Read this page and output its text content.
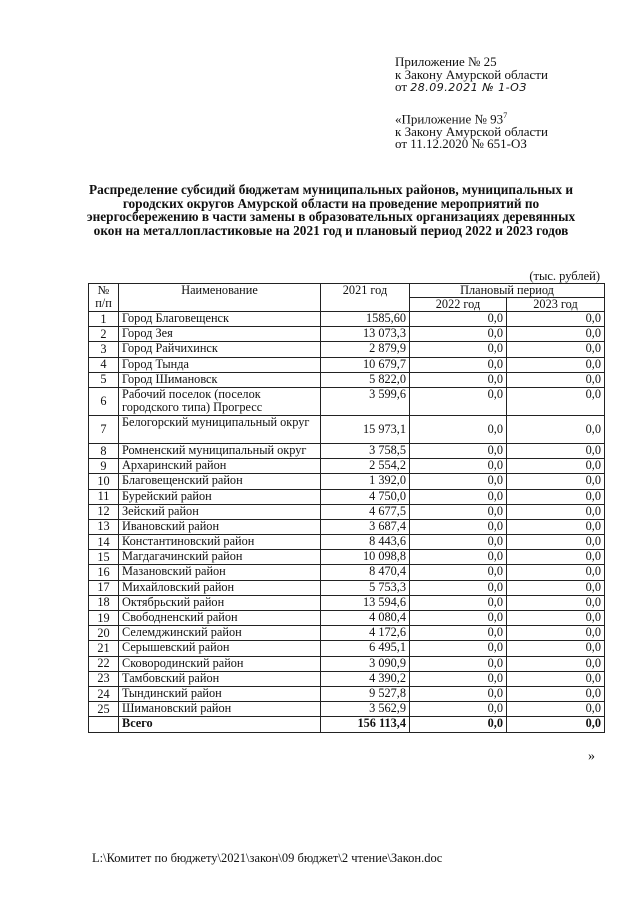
Приложение № 25
к Закону Амурской области
от 28.09.2021 № 1-ОЗ
«Приложение № $93^7$
к Закону Амурской области
от 11.12.2020 № 651-ОЗ
Распределение субсидий бюджетам муниципальных районов, муниципальных и городских округов Амурской области на проведение мероприятий по энергосбережению в части замены в образовательных организациях деревянных окон на металлопластиковые на 2021 год и плановый период 2022 и 2023 годов
(тыс. рублей)
№ п/п	Наименование	2021 год	Плановый период	
			2022 год	2023 год
1	Город Благовещенск	1585,60	0,0	0,0
2	Город Зея	13 073,3	0,0	0,0
3	Город Райчихинск	2 879,9	0,0	0,0
4	Город Тында	10 679,7	0,0	0,0
5	Город Шимановск	5 822,0	0,0	0,0
6	Рабочий поселок (поселок городского типа) Прогресс	3 599,6	0,0	0,0
7	Белогорский муниципальный округ	15 973,1	0,0	0,0
8	Ромненский муниципальный округ	3 758,5	0,0	0,0
9	Архаринский район	2 554,2	0,0	0,0
10	Благовещенский район	1 392,0	0,0	0,0
11	Бурейский район	4 750,0	0,0	0,0
12	Зейский район	4 677,5	0,0	0,0
13	Ивановский район	3 687,4	0,0	0,0
14	Константиновский район	8 443,6	0,0	0,0
15	Магдагачинский район	10 098,8	0,0	0,0
16	Мазановский район	8 470,4	0,0	0,0
17	Михайловский район	5 753,3	0,0	0,0
18	Октябрьский район	13 594,6	0,0	0,0
19	Свободненский район	4 080,4	0,0	0,0
20	Селемджинский район	4 172,6	0,0	0,0
21	Серышевский район	6 495,1	0,0	0,0
22	Сковородинский район	3 090,9	0,0	0,0
23	Тамбовский район	4 390,2	0,0	0,0
24	Тындинский район	9 527,8	0,0	0,0
25	Шимановский район	3 562,9	0,0	0,0
	Всего	156 113,4	0,0	0,0
»
L:\Комитет по бюджету\2021\закон\09 бюджет\2 чтение\Закон.doc
